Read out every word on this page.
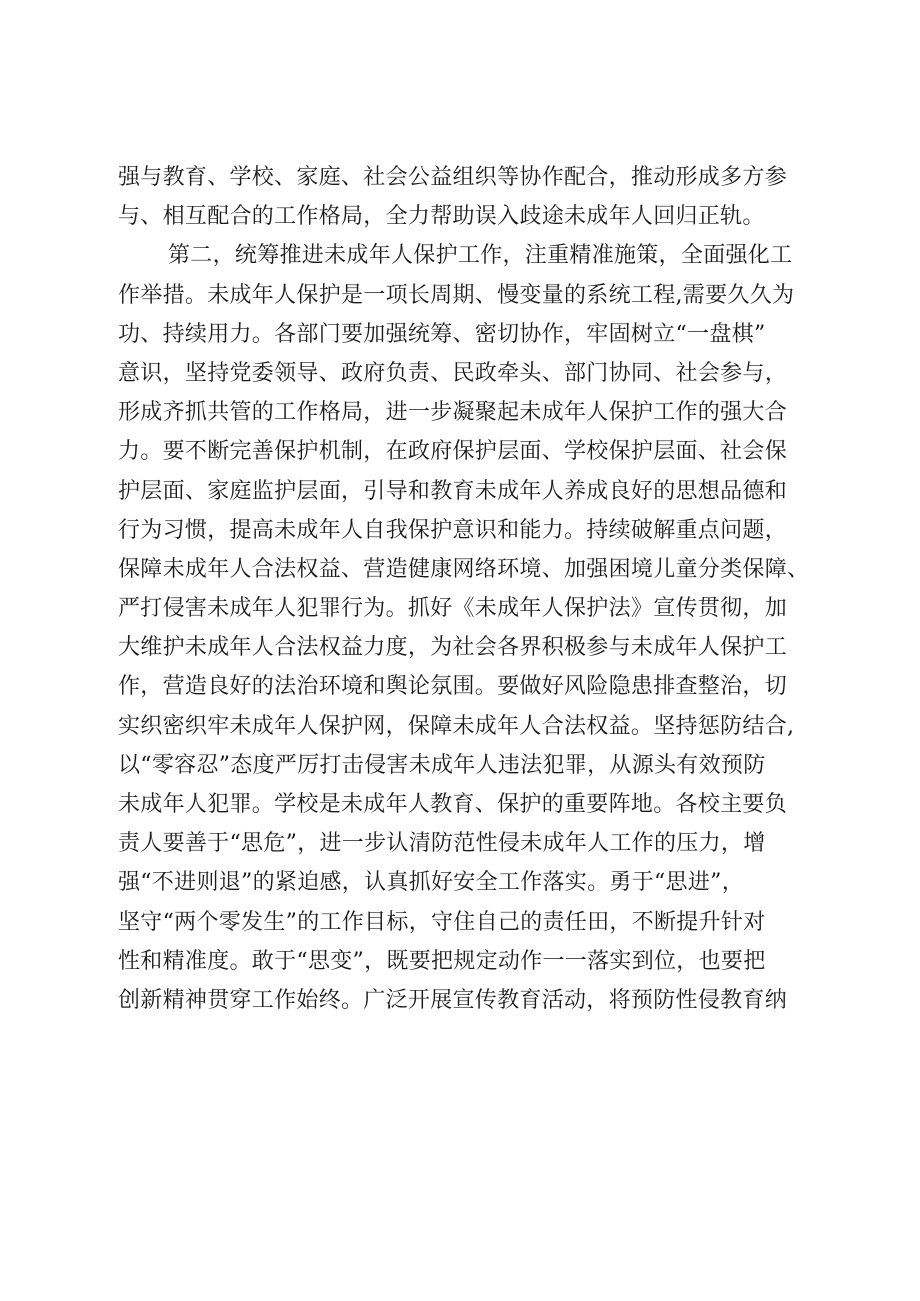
强与教育、学校、家庭、社会公益组织等协作配合，推动形成多方参
与、相互配合的工作格局，全力帮助误入歧途未成年人回归正轨。
第二，统筹推进未成年人保护工作，注重精准施策，全面强化工
作举措。未成年人保护是一项长周期、慢变量的系统工程,需要久久为
功、持续用力。各部门要加强统筹、密切协作，牢固树立“一盘棋”
意识，坚持党委领导、政府负责、民政牵头、部门协同、社会参与，
形成齐抓共管的工作格局，进一步凝聚起未成年人保护工作的强大合
力。要不断完善保护机制，在政府保护层面、学校保护层面、社会保
护层面、家庭监护层面，引导和教育未成年人养成良好的思想品德和
行为习惯，提高未成年人自我保护意识和能力。持续破解重点问题，
保障未成年人合法权益、营造健康网络环境、加强困境儿童分类保障、
严打侵害未成年人犯罪行为。抓好《未成年人保护法》宣传贯彻，加
大维护未成年人合法权益力度，为社会各界积极参与未成年人保护工
作，营造良好的法治环境和舆论氛围。要做好风险隐患排查整治，切
实织密织牢未成年人保护网，保障未成年人合法权益。坚持惩防结合,
以“零容忍”态度严厉打击侵害未成年人违法犯罪，从源头有效预防
未成年人犯罪。学校是未成年人教育、保护的重要阵地。各校主要负
责人要善于“思危”，进一步认清防范性侵未成年人工作的压力，增
强“不进则退”的紧迫感，认真抓好安全工作落实。勇于“思进”，
坚守“两个零发生”的工作目标，守住自己的责任田，不断提升针对
性和精准度。敢于“思变”，既要把规定动作一一落实到位，也要把
创新精神贯穿工作始终。广泛开展宣传教育活动，将预防性侵教育纳
